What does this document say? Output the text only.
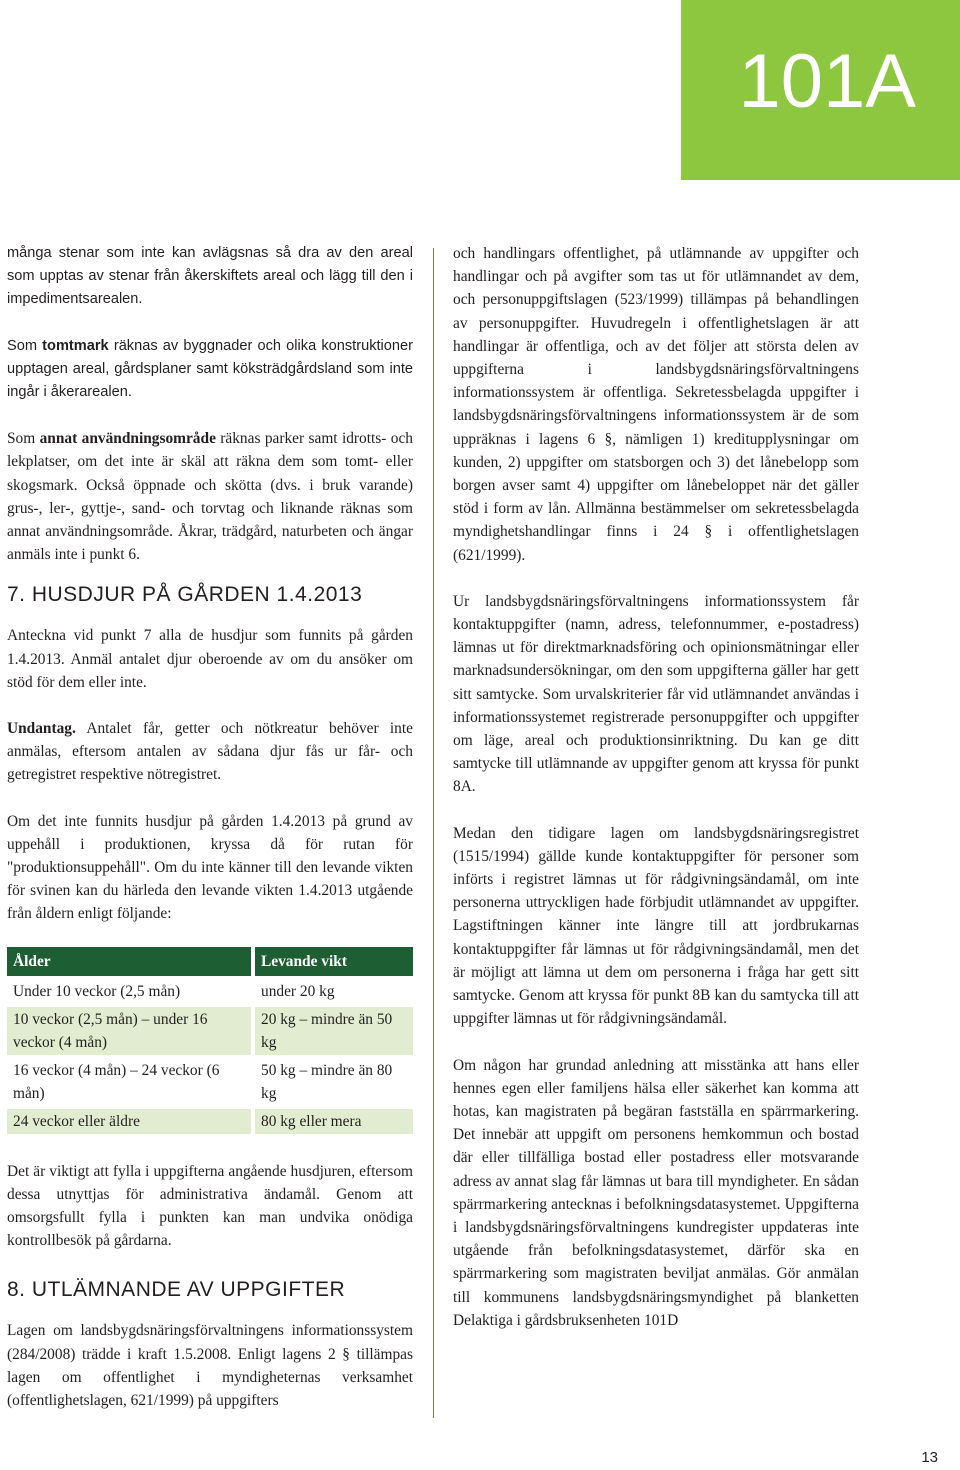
101A

många stenar som inte kan avlägsnas så dra av den areal som upptas av stenar från åkerskiftets areal och lägg till den i impedimentsarealen.

Som tomtmark räknas av byggnader och olika konstruktioner upptagen areal, gårdsplaner samt köksträdgårdsland som inte ingår i åkerarealen.

Som annat användningsområde räknas parker samt idrotts- och lekplatser, om det inte är skäl att räkna dem som tomt- eller skogsmark. Också öppnade och skötta (dvs. i bruk varande) grus-, ler-, gyttje-, sand- och torvtag och liknande räknas som annat användningsområde. Åkrar, trädgård, naturbeten och ängar anmäls inte i punkt 6.

7. HUSDJUR PÅ GÅRDEN 1.4.2013

Anteckna vid punkt 7 alla de husdjur som funnits på gården 1.4.2013. Anmäl antalet djur oberoende av om du ansöker om stöd för dem eller inte.

Undantag. Antalet får, getter och nötkreatur behöver inte anmälas, eftersom antalen av sådana djur fås ur får- och getregistret respektive nötregistret.

Om det inte funnits husdjur på gården 1.4.2013 på grund av uppehåll i produktionen, kryssa då för rutan för "produktionsuppehåll". Om du inte känner till den levande vikten för svinen kan du härleda den levande vikten 1.4.2013 utgående från åldern enligt följande:

Ålder	Levande vikt
Under 10 veckor (2,5 mån)	under 20 kg
10 veckor (2,5 mån) – under 16 veckor (4 mån)	20 kg – mindre än 50 kg
16 veckor (4 mån) – 24 veckor (6 mån)	50 kg – mindre än 80 kg
24 veckor eller äldre	80 kg eller mera

Det är viktigt att fylla i uppgifterna angående husdjuren, eftersom dessa utnyttjas för administrativa ändamål. Genom att omsorgsfullt fylla i punkten kan man undvika onödiga kontrollbesök på gårdarna.

8. UTLÄMNANDE AV UPPGIFTER

Lagen om landsbygdsnäringsförvaltningens informationssystem (284/2008) trädde i kraft 1.5.2008. Enligt lagens 2 § tillämpas lagen om offentlighet i myndigheternas verksamhet (offentlighetslagen, 621/1999) på uppgifters

och handlingars offentlighet, på utlämnande av uppgifter och handlingar och på avgifter som tas ut för utlämnandet av dem, och personuppgiftslagen (523/1999) tillämpas på behandlingen av personuppgifter. Huvudregeln i offentlighetslagen är att handlingar är offentliga, och av det följer att största delen av uppgifterna i landsbygdsnäringsförvaltningens informationssystem är offentliga. Sekretessbelagda uppgifter i landsbygdsnäringsförvaltningens informationssystem är de som uppräknas i lagens 6 §, nämligen 1) kreditupplysningar om kunden, 2) uppgifter om statsborgen och 3) det lånebelopp som borgen avser samt 4) uppgifter om lånebeloppet när det gäller stöd i form av lån. Allmänna bestämmelser om sekretessbelagda myndighetshandlingar finns i 24 § i offentlighetslagen (621/1999).

Ur landsbygdsnäringsförvaltningens informationssystem får kontaktuppgifter (namn, adress, telefonnummer, e-postadress) lämnas ut för direktmarknadsföring och opinionsmätningar eller marknadsundersökningar, om den som uppgifterna gäller har gett sitt samtycke. Som urvalskriterier får vid utlämnandet användas i informationssystemet registrerade personuppgifter och uppgifter om läge, areal och produktionsinriktning. Du kan ge ditt samtycke till utlämnande av uppgifter genom att kryssa för punkt 8A.

Medan den tidigare lagen om landsbygdsnäringsregistret (1515/1994) gällde kunde kontaktuppgifter för personer som införts i registret lämnas ut för rådgivningsändamål, om inte personerna uttryckligen hade förbjudit utlämnandet av uppgifter. Lagstiftningen känner inte längre till att jordbrukarnas kontaktuppgifter får lämnas ut för rådgivningsändamål, men det är möjligt att lämna ut dem om personerna i fråga har gett sitt samtycke. Genom att kryssa för punkt 8B kan du samtycka till att uppgifter lämnas ut för rådgivningsändamål.

Om någon har grundad anledning att misstänka att hans eller hennes egen eller familjens hälsa eller säkerhet kan komma att hotas, kan magistraten på begäran fastställa en spärrmarkering. Det innebär att uppgift om personens hemkommun och bostad där eller tillfälliga bostad eller postadress eller motsvarande adress av annat slag får lämnas ut bara till myndigheter. En sådan spärrmarkering antecknas i befolkningsdatasystemet. Uppgifterna i landsbygdsnäringsförvaltningens kundregister uppdateras inte utgående från befolkningsdatasystemet, därför ska en spärrmarkering som magistraten beviljat anmälas. Gör anmälan till kommunens landsbygdsnäringsmyndighet på blanketten Delaktiga i gårdsbruksenheten 101D

13
